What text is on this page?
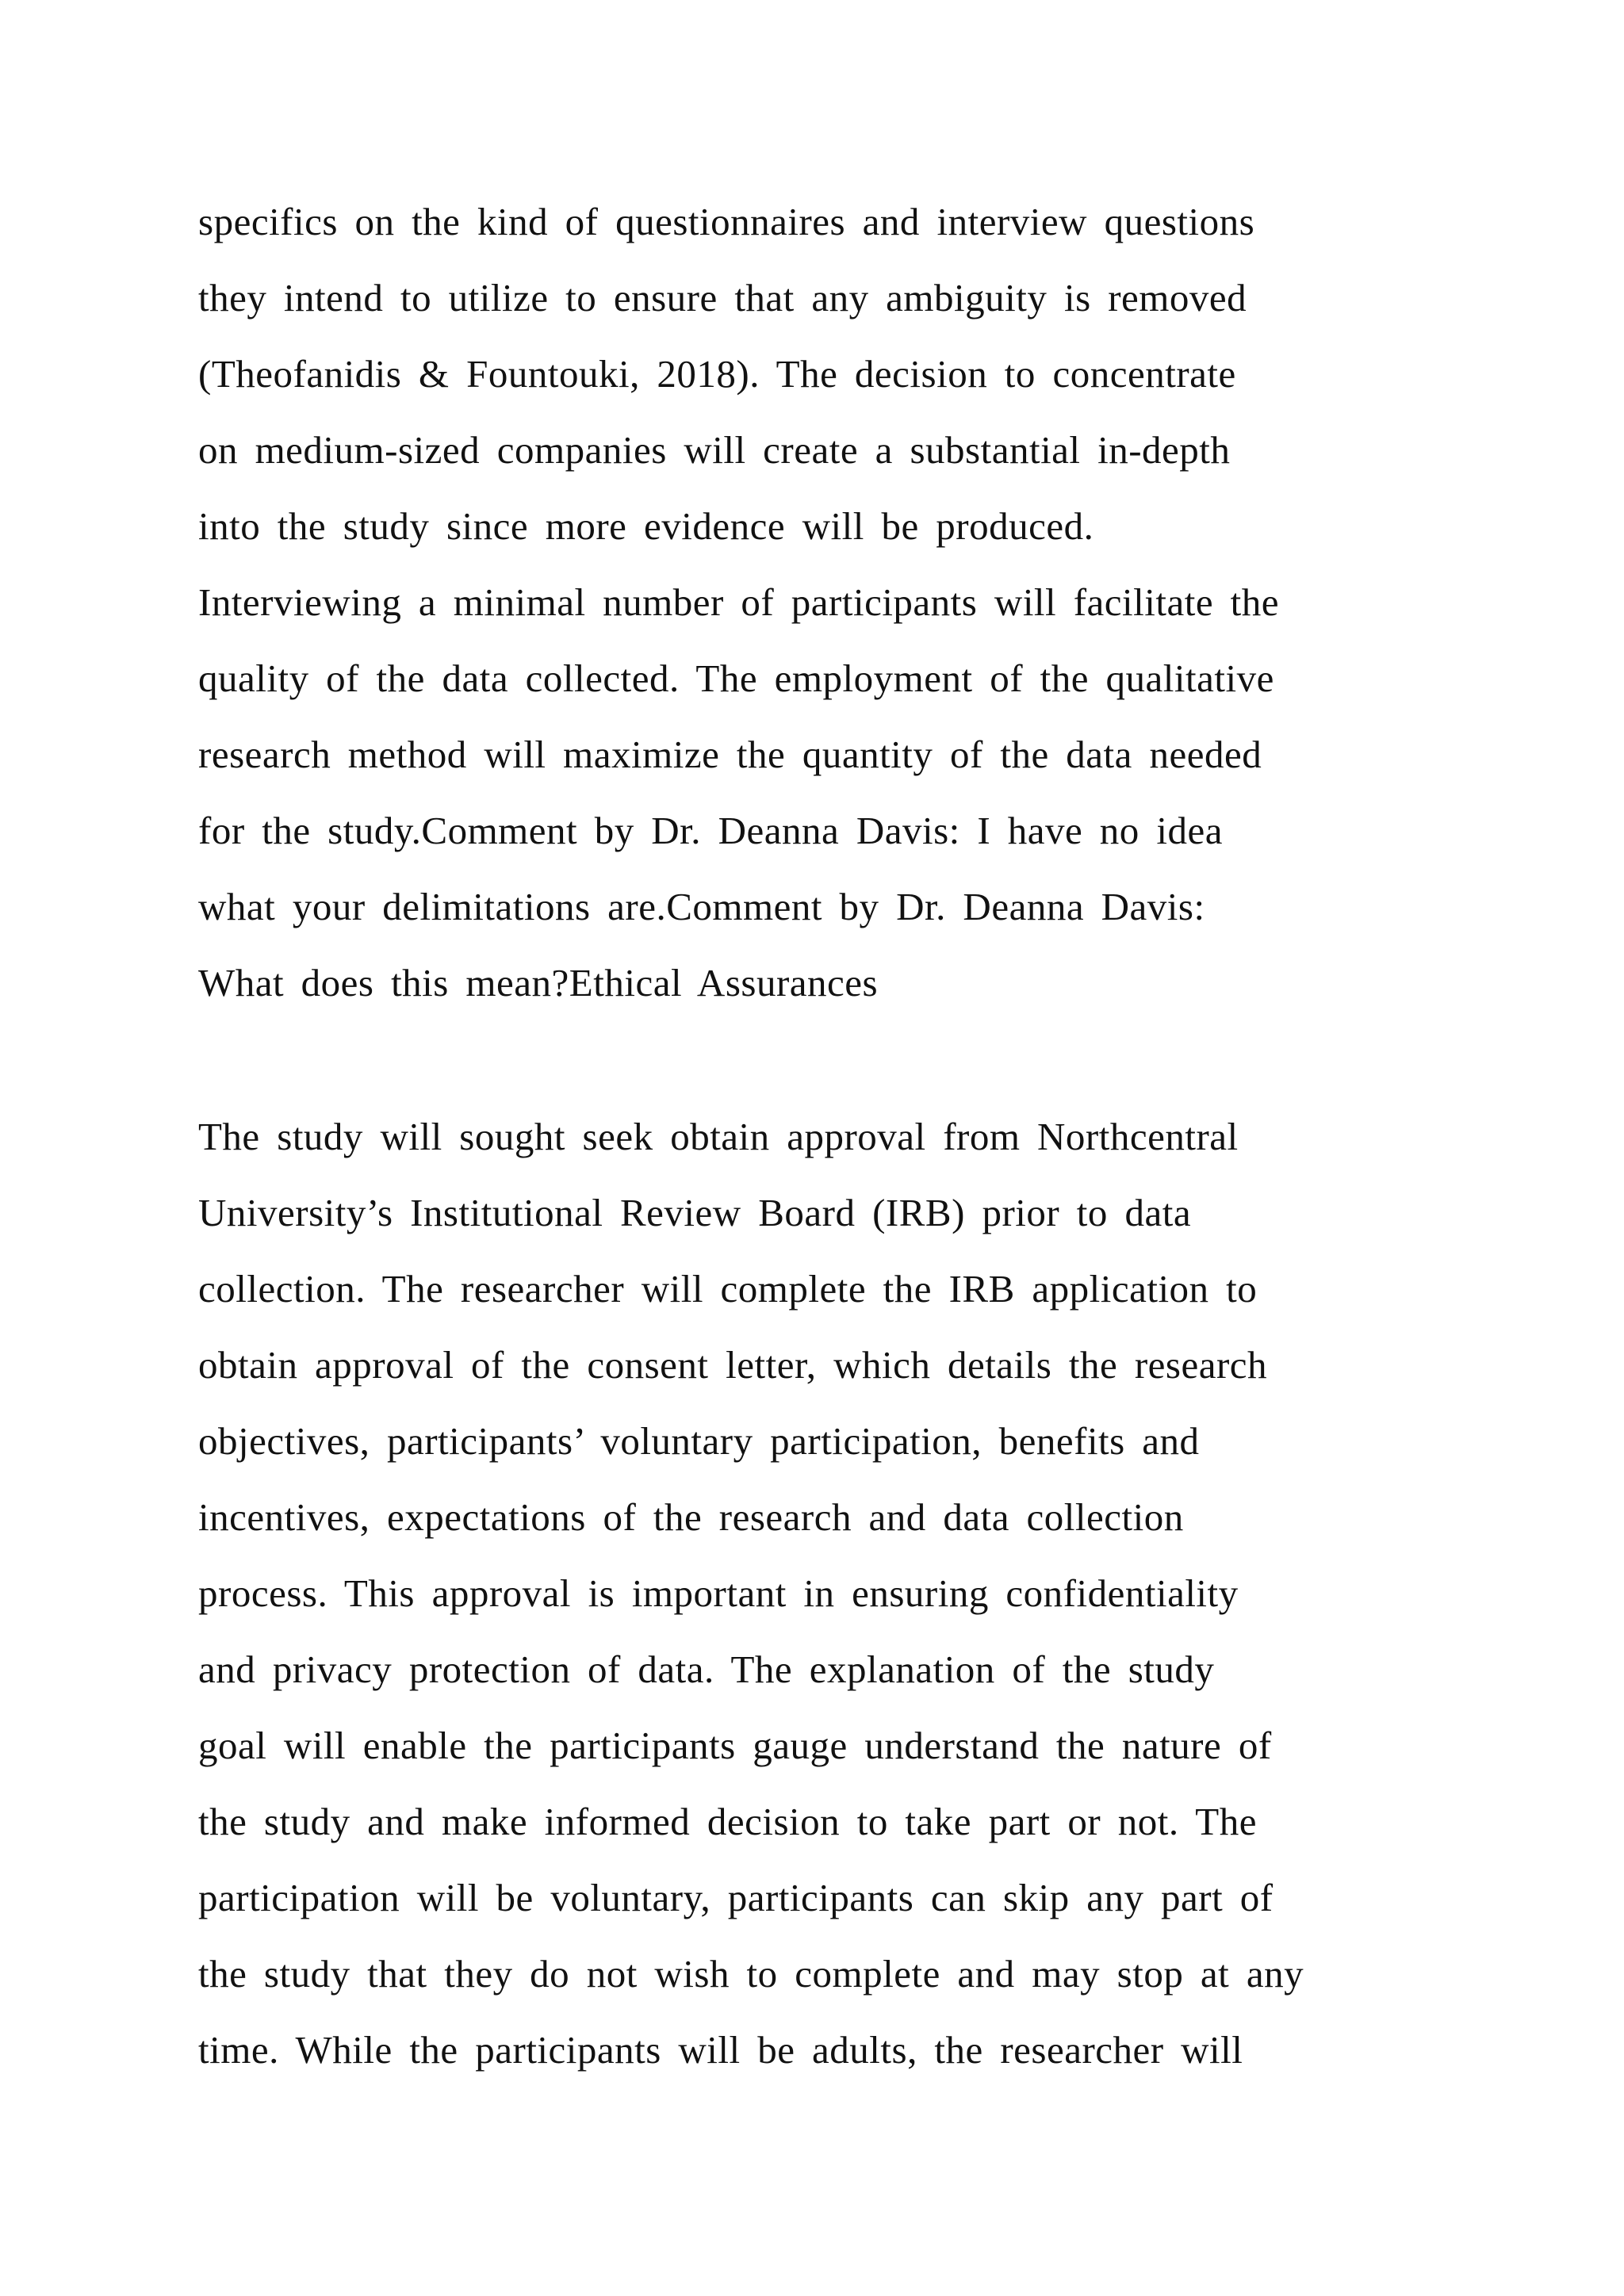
specifics on the kind of questionnaires and interview questions
they intend to utilize to ensure that any ambiguity is removed
(Theofanidis & Fountouki, 2018). The decision to concentrate
on medium-sized companies will create a substantial in-depth
into the study since more evidence will be produced.
Interviewing a minimal number of participants will facilitate the
quality of the data collected. The employment of the qualitative
research method will maximize the quantity of the data needed
for the study.Comment by Dr. Deanna Davis: I have no idea
what your delimitations are.Comment by Dr. Deanna Davis:
What does this mean?Ethical Assurances
The study will sought seek obtain approval from Northcentral
University’s Institutional Review Board (IRB) prior to data
collection. The researcher will complete the IRB application to
obtain approval of the consent letter, which details the research
objectives, participants’ voluntary participation, benefits and
incentives, expectations of the research and data collection
process. This approval is important in ensuring confidentiality
and privacy protection of data. The explanation of the study
goal will enable the participants gauge understand the nature of
the study and make informed decision to take part or not. The
participation will be voluntary, participants can skip any part of
the study that they do not wish to complete and may stop at any
time. While the participants will be adults, the researcher will
